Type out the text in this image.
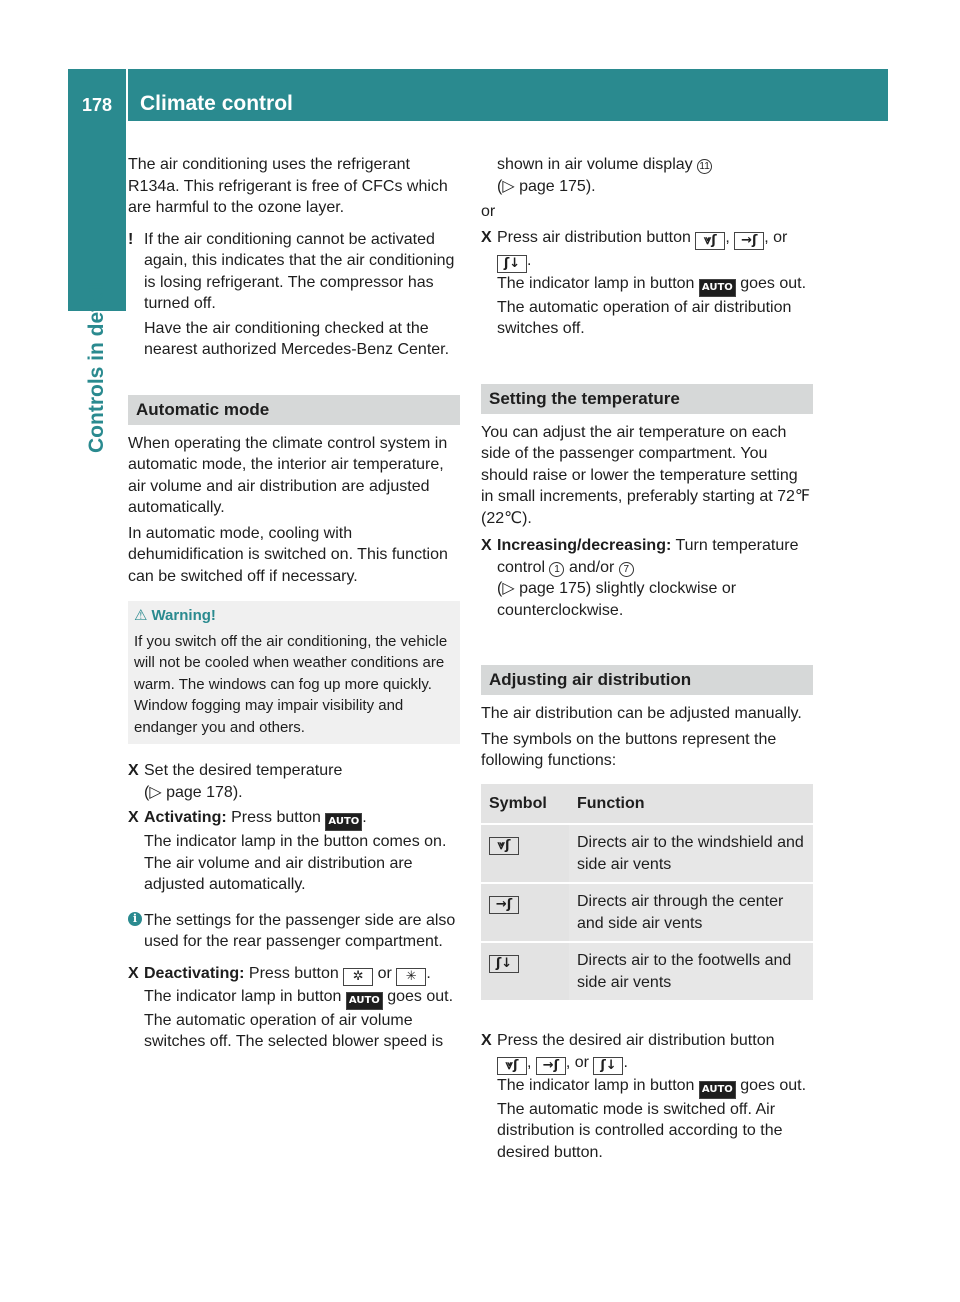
178	Climate control
Controls in detail

The air conditioning uses the refrigerant R134a. This refrigerant is free of CFCs which are harmful to the ozone layer.

! If the air conditioning cannot be activated again, this indicates that the air conditioning is losing refrigerant. The compressor has turned off.
Have the air conditioning checked at the nearest authorized Mercedes-Benz Center.
Automatic mode

When operating the climate control system in automatic mode, the interior air temperature, air volume and air distribution are adjusted automatically.

In automatic mode, cooling with dehumidification is switched on. This function can be switched off if necessary.

⚠ Warning!
If you switch off the air conditioning, the vehicle will not be cooled when weather conditions are warm. The windows can fog up more quickly. Window fogging may impair visibility and endanger you and others.
X Set the desired temperature
(▷ page 178).
X Activating: Press button AUTO .
The indicator lamp in the button comes on. The air volume and air distribution are adjusted automatically.
i The settings for the passenger side are also used for the rear passenger compartment.
X Deactivating: Press button ✲ or ✳ .
The indicator lamp in button AUTO goes out. The automatic operation of air volume switches off. The selected blower speed is
shown in air volume display 11
(▷ page 175).
or
X Press air distribution button ⩔ʃ , →ʃ , or ʃ↓ .
The indicator lamp in button AUTO goes out. The automatic operation of air distribution switches off.
Setting the temperature

You can adjust the air temperature on each side of the passenger compartment. You should raise or lower the temperature setting in small increments, preferably starting at 72℉ (22℃).

X Increasing/decreasing: Turn temperature control 1 and/or 7
(▷ page 175) slightly clockwise or counterclockwise.
Adjusting air distribution

The air distribution can be adjusted manually.

The symbols on the buttons represent the following functions:

Symbol	Function
⩔ʃ	Directs air to the windshield and side air vents
→ʃ	Directs air through the center and side air vents
ʃ↓	Directs air to the footwells and side air vents
X Press the desired air distribution button
⩔ʃ , →ʃ , or ʃ↓ .
The indicator lamp in button AUTO goes out. The automatic mode is switched off. Air distribution is controlled according to the desired button.
